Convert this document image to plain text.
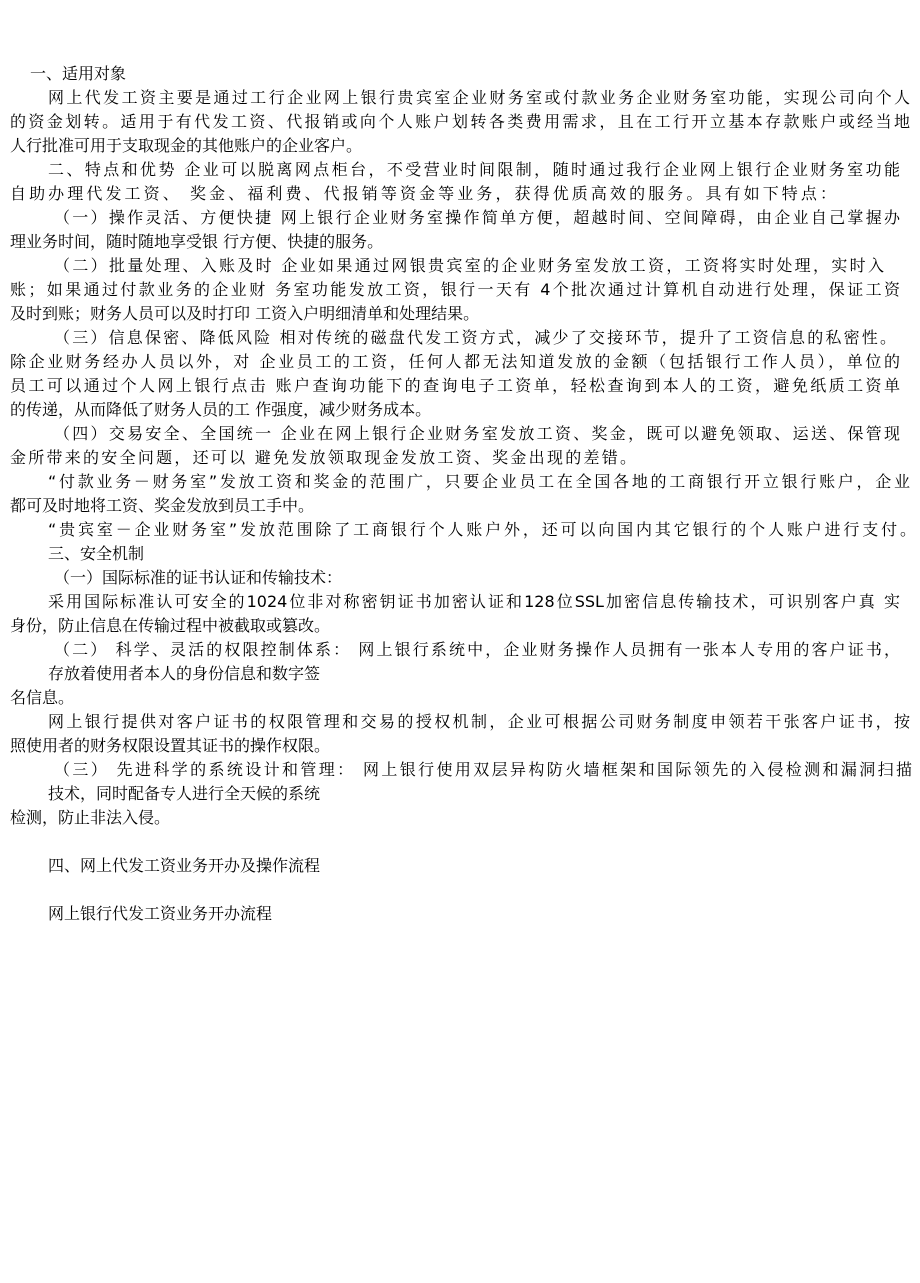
一、适用对象
网上代发工资主要是通过工行企业网上银行贵宾室企业财务室或付款业务企业财务室功能，实现公司向个人
的资金划转。适用于有代发工资、代报销或向个人账户划转各类费用需求，且在工行开立基本存款账户或经当地
人行批准可用于支取现金的其他账户的企业客户。
二、特点和优势 企业可以脱离网点柜台，不受营业时间限制，随时通过我行企业网上银行企业财务室功能
自助办理代发工资、 奖金、福利费、代报销等资金等业务，获得优质高效的服务。具有如下特点：
（一）操作灵活、方便快捷 网上银行企业财务室操作简单方便，超越时间、空间障碍，由企业自己掌握办
理业务时间，随时随地享受银 行方便、快捷的服务。
（二）批量处理、入账及时 企业如果通过网银贵宾室的企业财务室发放工资，工资将实时处理，实时入
账；如果通过付款业务的企业财 务室功能发放工资，银行一天有 4个批次通过计算机自动进行处理，保证工资
及时到账；财务人员可以及时打印 工资入户明细清单和处理结果。
（三）信息保密、降低风险 相对传统的磁盘代发工资方式，减少了交接环节，提升了工资信息的私密性。
除企业财务经办人员以外，对 企业员工的工资，任何人都无法知道发放的金额（包括银行工作人员），单位的
员工可以通过个人网上银行点击 账户查询功能下的查询电子工资单，轻松查询到本人的工资，避免纸质工资单
的传递，从而降低了财务人员的工 作强度，减少财务成本。
（四）交易安全、全国统一 企业在网上银行企业财务室发放工资、奖金，既可以避免领取、运送、保管现
金所带来的安全问题，还可以 避免发放领取现金发放工资、奖金出现的差错。
“付款业务－财务室”发放工资和奖金的范围广，只要企业员工在全国各地的工商银行开立银行账户，企业
都可及时地将工资、奖金发放到员工手中。
“贵宾室－企业财务室”发放范围除了工商银行个人账户外，还可以向国内其它银行的个人账户进行支付。
三、安全机制
（一）国际标准的证书认证和传输技术：
采用国际标准认可安全的1024位非对称密钥证书加密认证和128位SSL加密信息传输技术，可识别客户真 实
身份，防止信息在传输过程中被截取或篡改。
（二） 科学、灵活的权限控制体系： 网上银行系统中，企业财务操作人员拥有一张本人专用的客户证书，
存放着使用者本人的身份信息和数字签
名信息。
网上银行提供对客户证书的权限管理和交易的授权机制，企业可根据公司财务制度申领若干张客户证书，按
照使用者的财务权限设置其证书的操作权限。
（三） 先进科学的系统设计和管理： 网上银行使用双层异构防火墙框架和国际领先的入侵检测和漏洞扫描
技术，同时配备专人进行全天候的系统
检测，防止非法入侵。
四、网上代发工资业务开办及操作流程
网上银行代发工资业务开办流程
